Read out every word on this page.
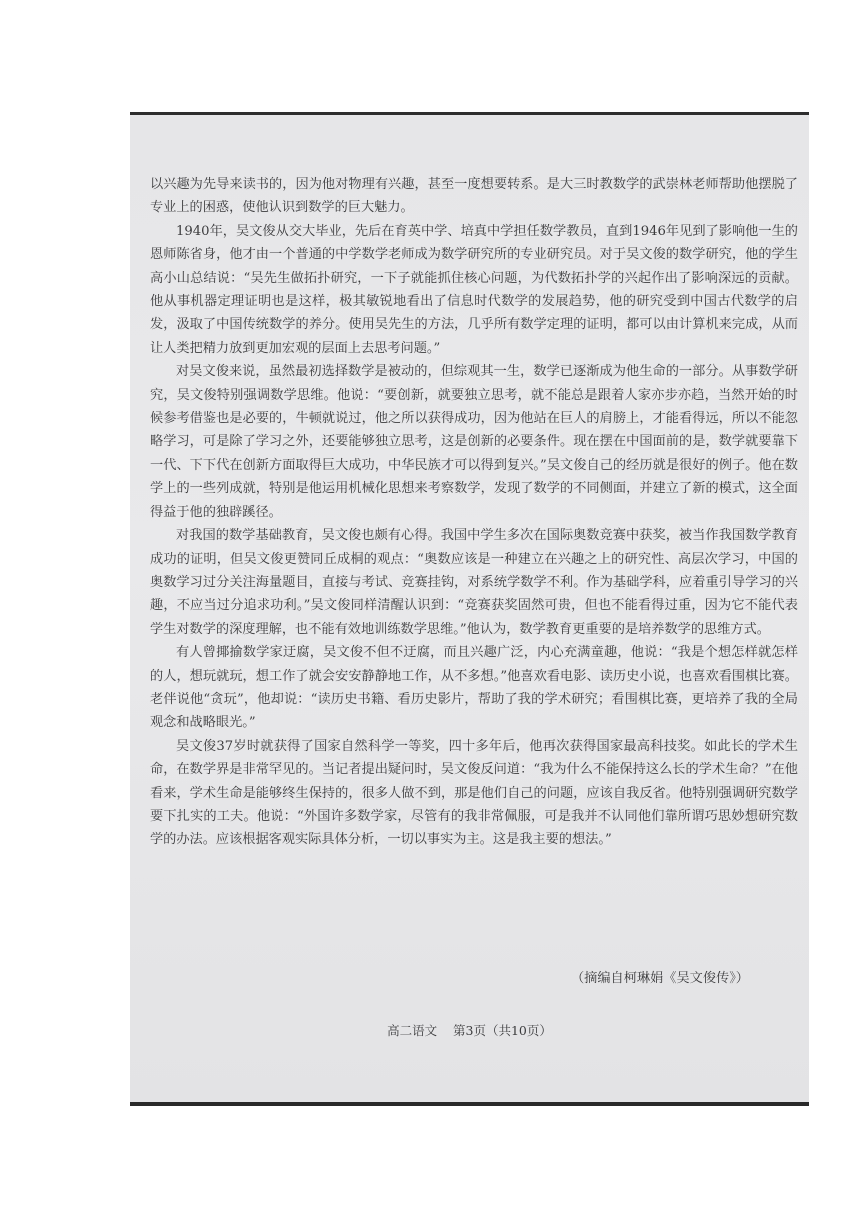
以兴趣为先导来读书的，因为他对物理有兴趣，甚至一度想要转系。是大三时教数学的武崇林老师帮助他摆脱了专业上的困惑，使他认识到数学的巨大魅力。

1940年，吴文俊从交大毕业，先后在育英中学、培真中学担任数学教员，直到1946年见到了影响他一生的恩师陈省身，他才由一个普通的中学数学老师成为数学研究所的专业研究员。对于吴文俊的数学研究，他的学生高小山总结说：“吴先生做拓扑研究，一下子就能抓住核心问题，为代数拓扑学的兴起作出了影响深远的贡献。他从事机器定理证明也是这样，极其敏锐地看出了信息时代数学的发展趋势，他的研究受到中国古代数学的启发，汲取了中国传统数学的养分。使用吴先生的方法，几乎所有数学定理的证明，都可以由计算机来完成，从而让人类把精力放到更加宏观的层面上去思考问题。”

对吴文俊来说，虽然最初选择数学是被动的，但综观其一生，数学已逐渐成为他生命的一部分。从事数学研究，吴文俊特别强调数学思维。他说：“要创新，就要独立思考，就不能总是跟着人家亦步亦趋，当然开始的时候参考借鉴也是必要的，牛顿就说过，他之所以获得成功，因为他站在巨人的肩膀上，才能看得远，所以不能忽略学习，可是除了学习之外，还要能够独立思考，这是创新的必要条件。现在摆在中国面前的是，数学就要靠下一代、下下代在创新方面取得巨大成功，中华民族才可以得到复兴。”吴文俊自己的经历就是很好的例子。他在数学上的一些列成就，特别是他运用机械化思想来考察数学，发现了数学的不同侧面，并建立了新的模式，这全面得益于他的独辟蹊径。

对我国的数学基础教育，吴文俊也颇有心得。我国中学生多次在国际奥数竞赛中获奖，被当作我国数学教育成功的证明，但吴文俊更赞同丘成桐的观点：“奥数应该是一种建立在兴趣之上的研究性、高层次学习，中国的奥数学习过分关注海量题目，直接与考试、竞赛挂钩，对系统学数学不利。作为基础学科，应着重引导学习的兴趣，不应当过分追求功利。”吴文俊同样清醒认识到：“竞赛获奖固然可贵，但也不能看得过重，因为它不能代表学生对数学的深度理解，也不能有效地训练数学思维。”他认为，数学教育更重要的是培养数学的思维方式。

有人曾揶揄数学家迂腐，吴文俊不但不迂腐，而且兴趣广泛，内心充满童趣，他说：“我是个想怎样就怎样的人，想玩就玩，想工作了就会安安静静地工作，从不多想。”他喜欢看电影、读历史小说，也喜欢看围棋比赛。老伴说他“贪玩”，他却说：“读历史书籍、看历史影片，帮助了我的学术研究；看围棋比赛，更培养了我的全局观念和战略眼光。”

吴文俊37岁时就获得了国家自然科学一等奖，四十多年后，他再次获得国家最高科技奖。如此长的学术生命，在数学界是非常罕见的。当记者提出疑问时，吴文俊反问道：“我为什么不能保持这么长的学术生命？”在他看来，学术生命是能够终生保持的，很多人做不到，那是他们自己的问题，应该自我反省。他特别强调研究数学要下扎实的工夫。他说：“外国许多数学家，尽管有的我非常佩服，可是我并不认同他们靠所谓巧思妙想研究数学的办法。应该根据客观实际具体分析，一切以事实为主。这是我主要的想法。”

（摘编自柯琳娟《吴文俊传》）
高二语文    第3页（共10页）
